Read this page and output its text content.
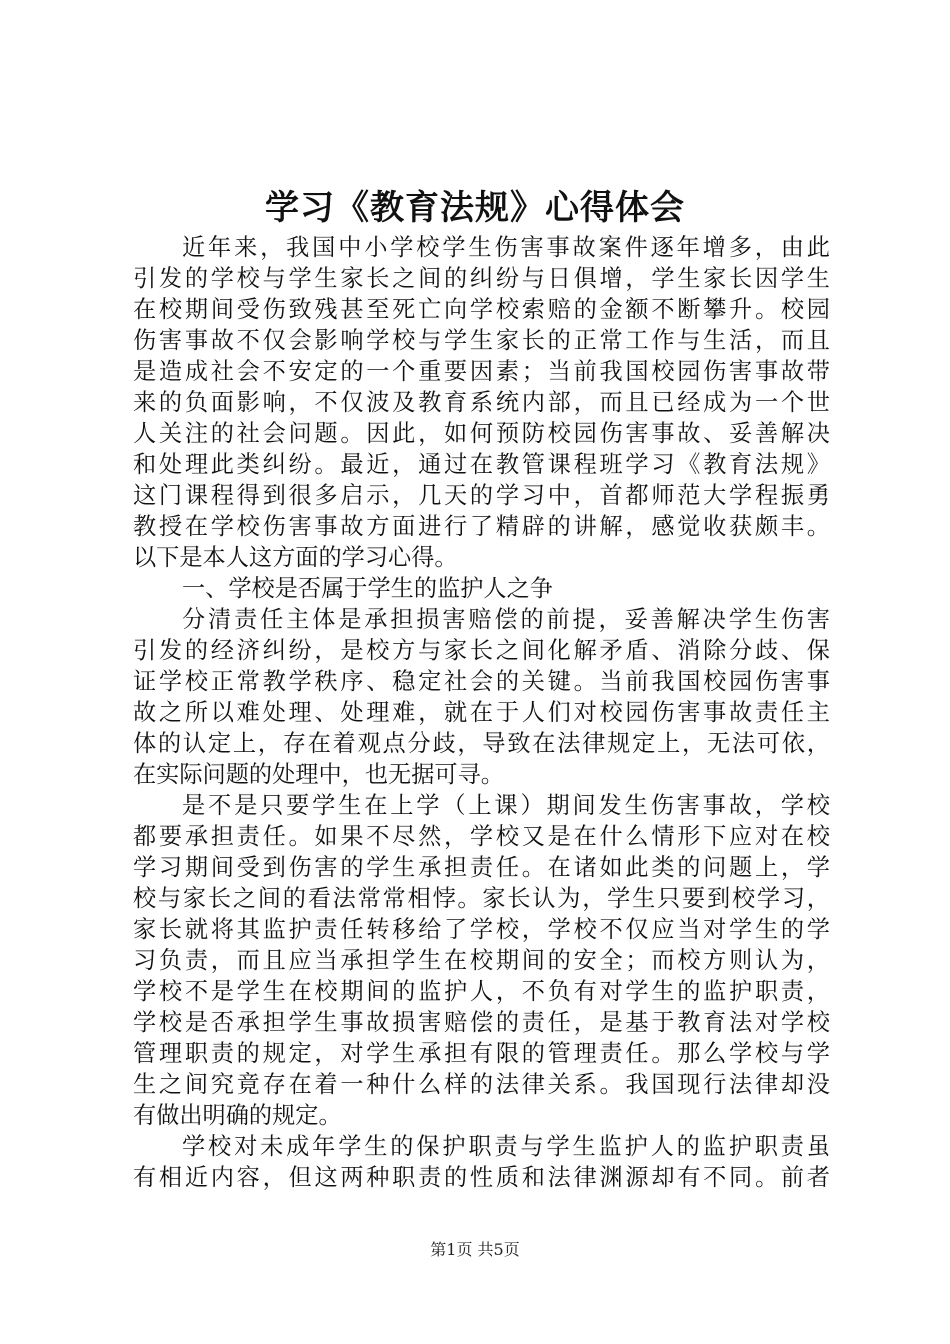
学习《教育法规》心得体会
近年来，我国中小学校学生伤害事故案件逐年增多，由此
引发的学校与学生家长之间的纠纷与日俱增，学生家长因学生
在校期间受伤致残甚至死亡向学校索赔的金额不断攀升。校园
伤害事故不仅会影响学校与学生家长的正常工作与生活，而且
是造成社会不安定的一个重要因素；当前我国校园伤害事故带
来的负面影响，不仅波及教育系统内部，而且已经成为一个世
人关注的社会问题。因此，如何预防校园伤害事故、妥善解决
和处理此类纠纷。最近，通过在教管课程班学习《教育法规》
这门课程得到很多启示，几天的学习中，首都师范大学程振勇
教授在学校伤害事故方面进行了精辟的讲解，感觉收获颇丰。
以下是本人这方面的学习心得。
一、学校是否属于学生的监护人之争
分清责任主体是承担损害赔偿的前提，妥善解决学生伤害
引发的经济纠纷，是校方与家长之间化解矛盾、消除分歧、保
证学校正常教学秩序、稳定社会的关键。当前我国校园伤害事
故之所以难处理、处理难，就在于人们对校园伤害事故责任主
体的认定上，存在着观点分歧，导致在法律规定上，无法可依，
在实际问题的处理中，也无据可寻。
是不是只要学生在上学（上课）期间发生伤害事故，学校
都要承担责任。如果不尽然，学校又是在什么情形下应对在校
学习期间受到伤害的学生承担责任。在诸如此类的问题上，学
校与家长之间的看法常常相悖。家长认为，学生只要到校学习，
家长就将其监护责任转移给了学校，学校不仅应当对学生的学
习负责，而且应当承担学生在校期间的安全；而校方则认为，
学校不是学生在校期间的监护人，不负有对学生的监护职责，
学校是否承担学生事故损害赔偿的责任，是基于教育法对学校
管理职责的规定，对学生承担有限的管理责任。那么学校与学
生之间究竟存在着一种什么样的法律关系。我国现行法律却没
有做出明确的规定。
学校对未成年学生的保护职责与学生监护人的监护职责虽
有相近内容，但这两种职责的性质和法律渊源却有不同。前者
第1页 共5页
